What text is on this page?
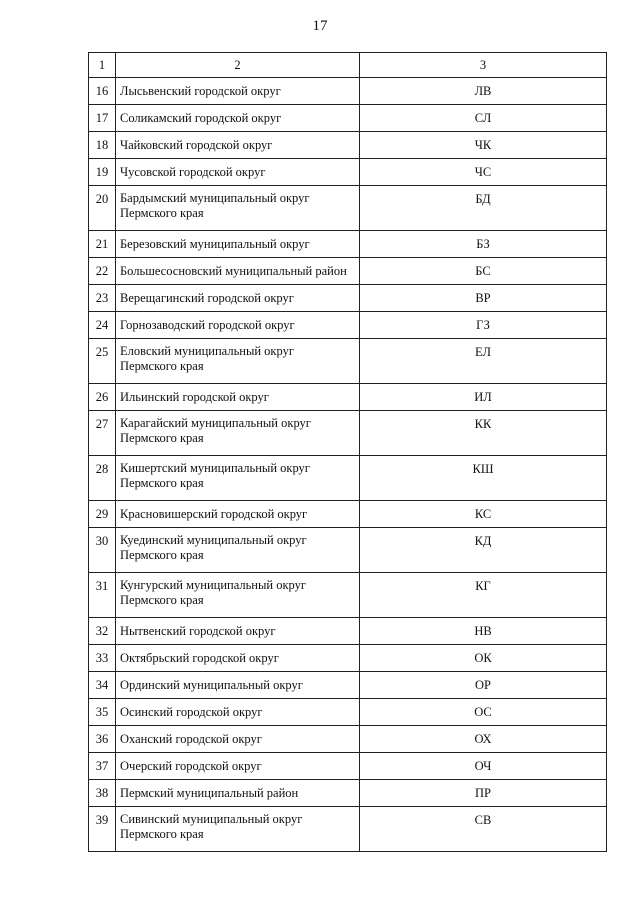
17
1	2	3
16	Лысьвенский городской округ	ЛВ
17	Соликамский городской округ	СЛ
18	Чайковский городской округ	ЧК
19	Чусовской городской округ	ЧС
20	Бардымский муниципальный округ
Пермского края	БД
21	Березовский муниципальный округ	БЗ
22	Большесосновский муниципальный район	БС
23	Верещагинский городской округ	ВР
24	Горнозаводский городской округ	ГЗ
25	Еловский муниципальный округ
Пермского края	ЕЛ
26	Ильинский городской округ	ИЛ
27	Карагайский муниципальный округ
Пермского края	КК
28	Кишертский муниципальный округ
Пермского края	КШ
29	Красновишерский городской округ	КС
30	Куединский муниципальный округ
Пермского края	КД
31	Кунгурский муниципальный округ
Пермского края	КГ
32	Нытвенский городской округ	НВ
33	Октябрьский городской округ	ОК
34	Ординский муниципальный округ	ОР
35	Осинский городской округ	ОС
36	Оханский городской округ	ОХ
37	Очерский городской округ	ОЧ
38	Пермский муниципальный район	ПР
39	Сивинский муниципальный округ
Пермского края	СВ
